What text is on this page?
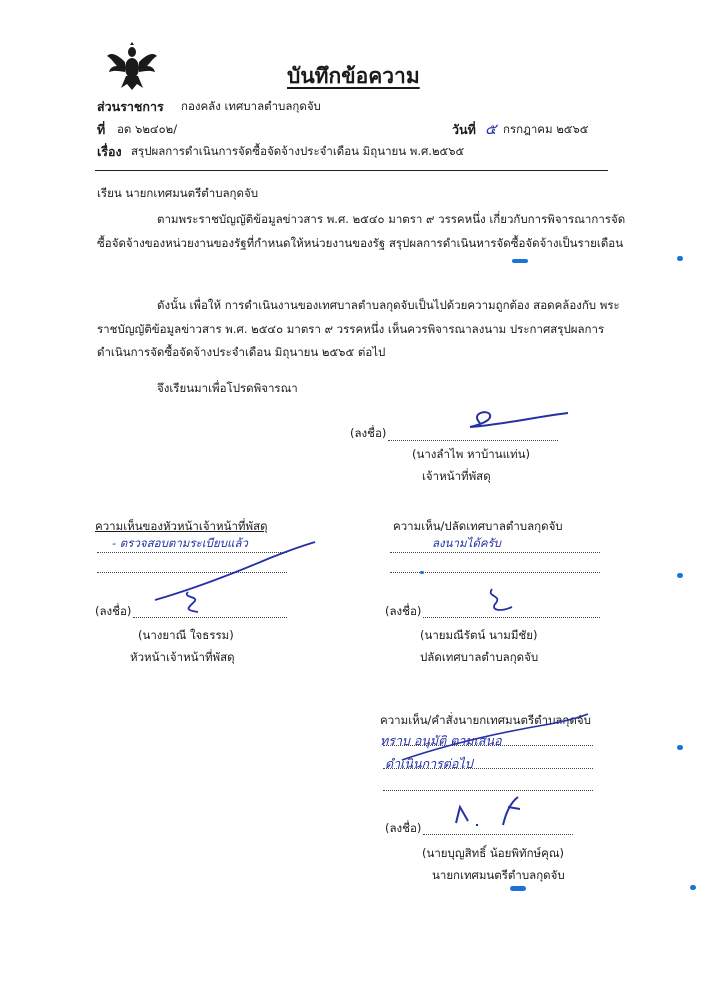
บันทึกข้อความ
ส่วนราชการ กองคลัง เทศบาลตำบลกุดจับ
ที่ อด ๖๒๔๐๒/	วันที่ ๕ กรกฎาคม ๒๕๖๕
เรื่อง สรุปผลการดำเนินการจัดซื้อจัดจ้างประจำเดือน มิถุนายน พ.ศ.๒๕๖๕
เรียน นายกเทศมนตรีตำบลกุดจับ
ตามพระราชบัญญัติข้อมูลข่าวสาร พ.ศ. ๒๕๔๐ มาตรา ๙ วรรคหนึ่ง เกี่ยวกับการพิจารณาการจัดซื้อจัดจ้างของหน่วยงานของรัฐที่กำหนดให้หน่วยงานของรัฐ สรุปผลการดำเนินหารจัดซื้อจัดจ้างเป็นรายเดือน
ดังนั้น เพื่อให้ การดำเนินงานของเทศบาลตำบลกุดจับเป็นไปด้วยความถูกต้อง สอดคล้องกับ พระราชบัญญัติข้อมูลข่าวสาร พ.ศ. ๒๕๔๐ มาตรา ๙ วรรคหนึ่ง เห็นควรพิจารณาลงนาม ประกาศสรุปผลการดำเนินการจัดซื้อจัดจ้างประจำเดือน มิถุนายน ๒๕๖๕ ต่อไป
จึงเรียนมาเพื่อโปรดพิจารณา
(ลงชื่อ)
(นางลำไพ หาบ้านแท่น)
เจ้าหน้าที่พัสดุ
ความเห็นของหัวหน้าเจ้าหน้าที่พัสดุ
- ตรวจสอบตามระเบียบแล้ว
(ลงชื่อ)
(นางยาณี ใจธรรม)
หัวหน้าเจ้าหน้าที่พัสดุ
ความเห็น/ปลัดเทศบาลตำบลกุดจับ
ลงนามได้ครับ
(ลงชื่อ)
(นายมณีรัตน์ นามมีชัย)
ปลัดเทศบาลตำบลกุดจับ
ความเห็น/คำสั่งนายกเทศมนตรีตำบลกุดจับ
ทราบ อนุมัติ ตามเสนอ
ดำเนินการต่อไป
(ลงชื่อ)
(นายบุญสิทธิ์ น้อยพิทักษ์คุณ)
นายกเทศมนตรีตำบลกุดจับ
